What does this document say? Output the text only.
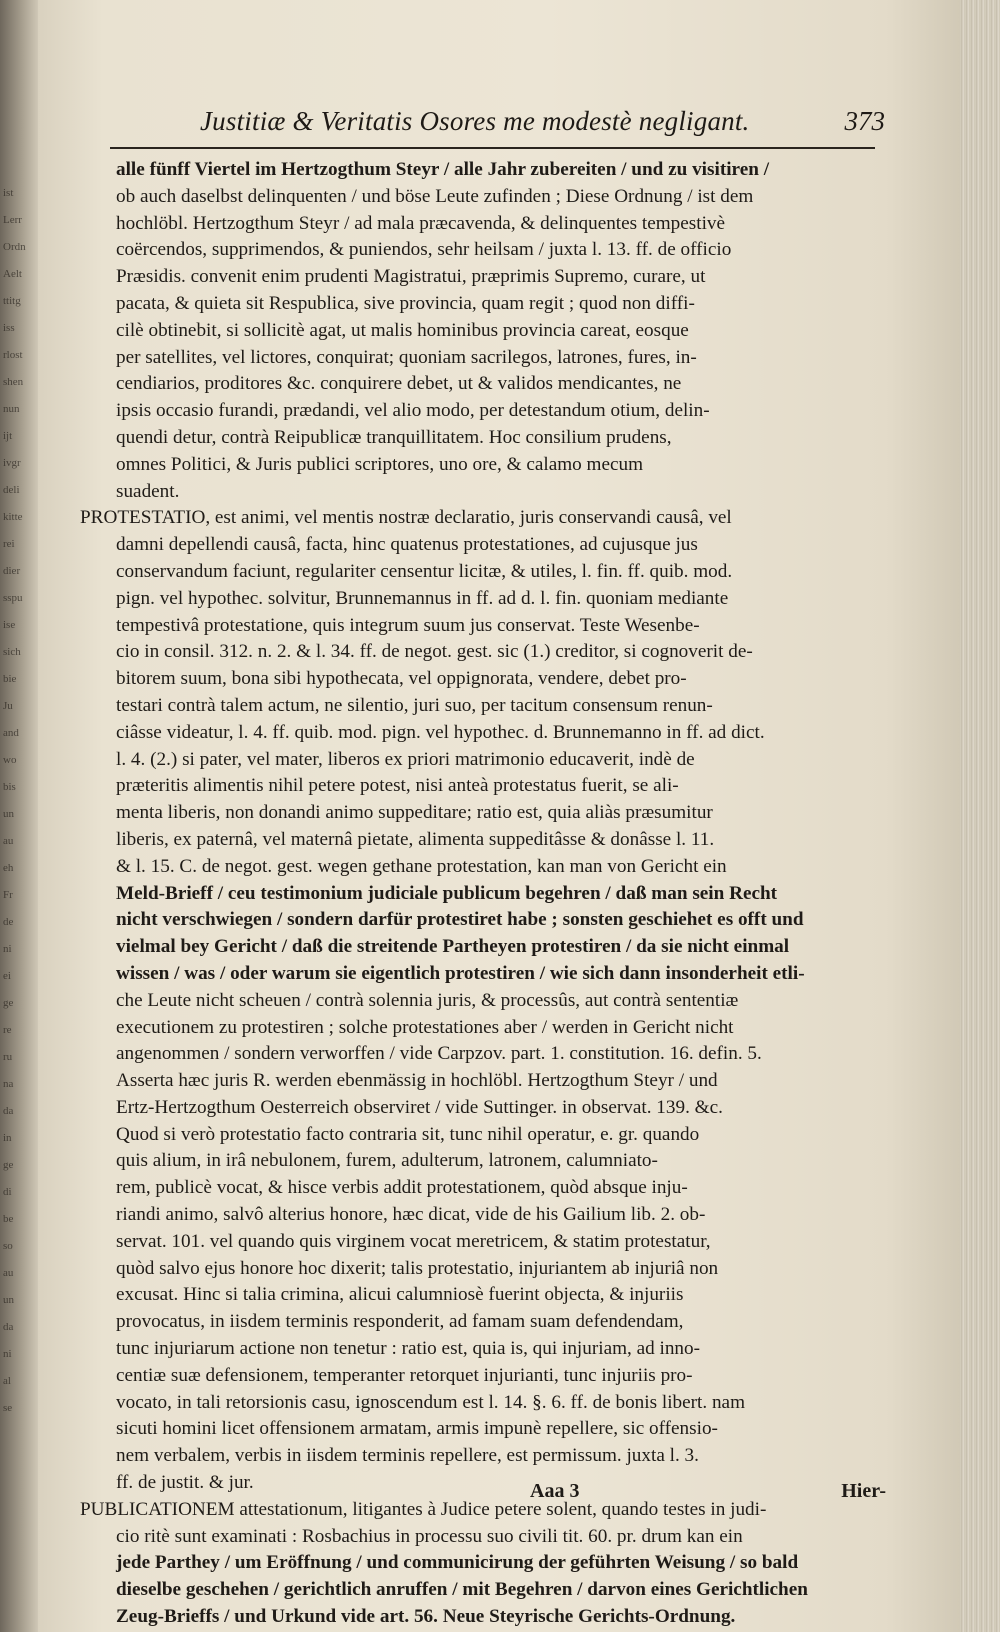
ist
Lerr
Ordn
Aelt
ttitg
iss
rlost
shen
nun
ijt
ivgr
deli
kitte
rei
dier
sspu
ise
sich
bie
Ju
and
wo
bis
un
au
eh
Fr
de
ni
ei
ge
re
ru
na
da
in
ge
di
be
so
au
un
da
ni
al
se
Justitiæ & Veritatis Osores me modestè negligant.	373
alle fünff Viertel im Hertzogthum Steyr / alle Jahr zubereiten / und zu visitiren /
ob auch daselbst delinquenten / und böse Leute zufinden ; Diese Ordnung / ist dem
hochlöbl. Hertzogthum Steyr / ad mala præcavenda, & delinquentes tempestivè
coërcendos, supprimendos, & puniendos, sehr heilsam / juxta l. 13. ff. de officio
Præsidis. convenit enim prudenti Magistratui, præprimis Supremo, curare, ut
pacata, & quieta sit Respublica, sive provincia, quam regit ; quod non diffi-
cilè obtinebit, si sollicitè agat, ut malis hominibus provincia careat, eosque
per satellites, vel lictores, conquirat; quoniam sacrilegos, latrones, fures, in-
cendiarios, proditores &c. conquirere debet, ut & validos mendicantes, ne
ipsis occasio furandi, prædandi, vel alio modo, per detestandum otium, delin-
quendi detur, contrà Reipublicæ tranquillitatem. Hoc consilium prudens,
omnes Politici, & Juris publici scriptores, uno ore, & calamo mecum
suadent.
PROTESTATIO, est animi, vel mentis nostræ declaratio, juris conservandi causâ, vel
damni depellendi causâ, facta, hinc quatenus protestationes, ad cujusque jus
conservandum faciunt, regulariter censentur licitæ, & utiles, l. fin. ff. quib. mod.
pign. vel hypothec. solvitur, Brunnemannus in ff. ad d. l. fin. quoniam mediante
tempestivâ protestatione, quis integrum suum jus conservat. Teste Wesenbe-
cio in consil. 312. n. 2. & l. 34. ff. de negot. gest. sic (1.) creditor, si cognoverit de-
bitorem suum, bona sibi hypothecata, vel oppignorata, vendere, debet pro-
testari contrà talem actum, ne silentio, juri suo, per tacitum consensum renun-
ciâsse videatur, l. 4. ff. quib. mod. pign. vel hypothec. d. Brunnemanno in ff. ad dict.
l. 4. (2.) si pater, vel mater, liberos ex priori matrimonio educaverit, indè de
præteritis alimentis nihil petere potest, nisi anteà protestatus fuerit, se ali-
menta liberis, non donandi animo suppeditare; ratio est, quia aliàs præsumitur
liberis, ex paternâ, vel maternâ pietate, alimenta suppeditâsse & donâsse l. 11.
& l. 15. C. de negot. gest. wegen gethane protestation, kan man von Gericht ein
Meld-Brieff / ceu testimonium judiciale publicum begehren / daß man sein Recht
nicht verschwiegen / sondern darfür protestiret habe ; sonsten geschiehet es offt und
vielmal bey Gericht / daß die streitende Partheyen protestiren / da sie nicht einmal
wissen / was / oder warum sie eigentlich protestiren / wie sich dann insonderheit etli-
che Leute nicht scheuen / contrà solennia juris, & processûs, aut contrà sententiæ
executionem zu protestiren ; solche protestationes aber / werden in Gericht nicht
angenommen / sondern verworffen / vide Carpzov. part. 1. constitution. 16. defin. 5.
Asserta hæc juris R. werden ebenmässig in hochlöbl. Hertzogthum Steyr / und
Ertz-Hertzogthum Oesterreich observiret / vide Suttinger. in observat. 139. &c.
Quod si verò protestatio facto contraria sit, tunc nihil operatur, e. gr. quando
quis alium, in irâ nebulonem, furem, adulterum, latronem, calumniato-
rem, publicè vocat, & hisce verbis addit protestationem, quòd absque inju-
riandi animo, salvô alterius honore, hæc dicat, vide de his Gailium lib. 2. ob-
servat. 101. vel quando quis virginem vocat meretricem, & statim protestatur,
quòd salvo ejus honore hoc dixerit; talis protestatio, injuriantem ab injuriâ non
excusat. Hinc si talia crimina, alicui calumniosè fuerint objecta, & injuriis
provocatus, in iisdem terminis responderit, ad famam suam defendendam,
tunc injuriarum actione non tenetur : ratio est, quia is, qui injuriam, ad inno-
centiæ suæ defensionem, temperanter retorquet injurianti, tunc injuriis pro-
vocato, in tali retorsionis casu, ignoscendum est l. 14. §. 6. ff. de bonis libert. nam
sicuti homini licet offensionem armatam, armis impunè repellere, sic offensio-
nem verbalem, verbis in iisdem terminis repellere, est permissum. juxta l. 3.
ff. de justit. & jur.
PUBLICATIONEM attestationum, litigantes à Judice petere solent, quando testes in judi-
cio ritè sunt examinati : Rosbachius in processu suo civili tit. 60. pr. drum kan ein
jede Parthey / um Eröffnung / und communicirung der geführten Weisung / so bald
dieselbe geschehen / gerichtlich anruffen / mit Begehren / darvon eines Gerichtlichen
Zeug-Brieffs / und Urkund vide art. 56. Neue Steyrische Gerichts-Ordnung.
Aaa 3	Hier-
